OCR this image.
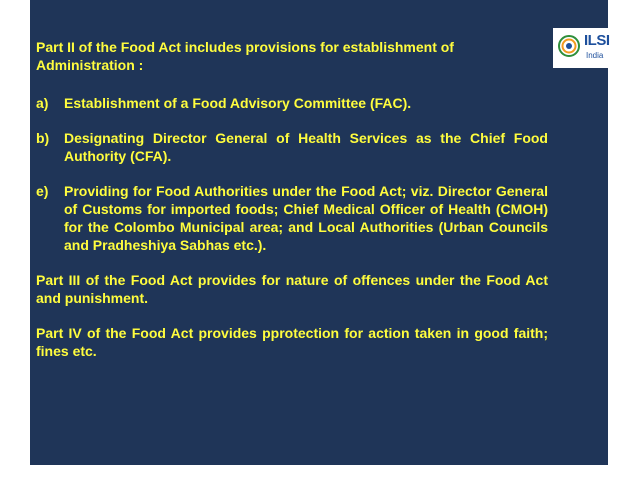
ILSI
India

Part II of the Food Act includes provisions for establishment of Administration :

a) Establishment of a Food Advisory Committee (FAC).

b) Designating Director General of Health Services as the Chief Food Authority (CFA).

e) Providing for Food Authorities under the Food Act; viz. Director General of Customs for imported foods; Chief Medical Officer of Health (CMOH) for the Colombo Municipal area; and Local Authorities (Urban Councils and Pradheshiya Sabhas etc.).

Part III of the Food Act provides for nature of offences under the Food Act and punishment.

Part IV of the Food Act provides pprotection for action taken in good faith; fines etc.
